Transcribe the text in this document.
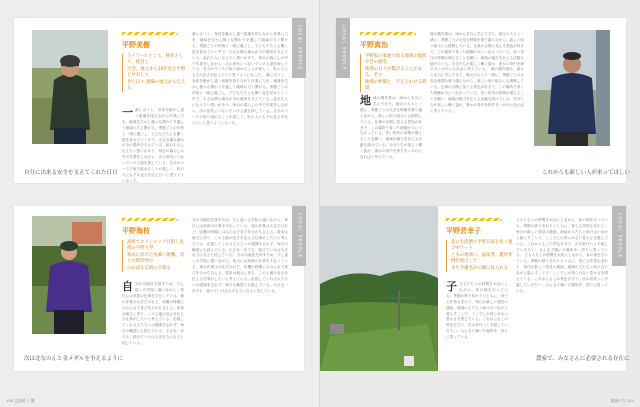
自分に出来る安全を支えてくれた日日
平野美樹
ライフハヒとして、移住として、経営と
生活、地元まち20年近を平野と共有して
きた日々 現場の地元から伝える
一 番に言うと、身体を動かし違う意識を持ちながら作業に力を、地域を生かし様々な関わりを通して地域の方と繋がる。季節ごとの作物と一緒に過ごし、子どもたちにも働く姿を見せていく中で、小さな積み重ねが今の場所を支えている。訪れた人に伝えたい思いがあり、毎日の暮らしの中で作業をしながら、次の世代につないでいける道を探している。自分のペースで取り組めることが楽しく、町の人にもその良さを伝えたいと思うようになった。
番に言うと、身体を動かし違う意識を持ちながら作業に力を、地域を生かし様々な関わりを通して地域の方と繋がる。季節ごとの作物と一緒に過ごし、子どもたちにも働く姿を見せていく中で、小さな積み重ねが今の場所を支えている。訪れた人に伝えたい思いがあり、毎日の暮らしの中で作業をしながら、次の世代につないでいける道を探している。自分のペースで取り組めることが楽しく、町の人にもその良さを伝えたいと思うようになった。 番に言うと、身体を動かし違う意識を持ちながら作業に力を、地域を生かし様々な関わりを通して地域の方と繋がる。季節ごとの作物と一緒に過ごし、子どもたちにも働く姿を見せていく中で、小さな積み重ねが今の場所を支えている。訪れた人に伝えたい思いがあり、毎日の暮らしの中で作業をしながら、次の世代につないでいける道を探している。自分のペースで取り組めることが楽しく、町の人にもその良さを伝えたいと思うようになった。
LOCAL PEOPLE
次は北なのんと金メダルを争えるように
平野海枝
高校でオリンピック目指し高校の平野大学
初めに訪れた先輩へ挑戦、気とが期待得で
のかばを応援の手紙を
自 分の可能性を探すため、少し遠くの学校に通いながら、休日には家族の仕事を手伝っている。畑の作業は大変だけれど、収穫の時期にはみんなで喜びを分かち合える。将来は地元に戻り、この土地の良さを伝える仕事がしたいと考えている。応援してくれる人たちへの感謝を忘れず、毎日の練習にも励んでいる。小さな一歩でも、続けていけば大きな力になると信じている。
分の可能性を探すため、少し遠くの学校に通いながら、休日には家族の仕事を手伝っている。畑の作業は大変だけれど、収穫の時期にはみんなで喜びを分かち合える。将来は地元に戻り、この土地の良さを伝える仕事がしたいと考えている。応援してくれる人たちへの感謝を忘れず、毎日の練習にも励んでいる。小さな一歩でも、続けていけば大きな力になると信じている。 分の可能性を探すため、少し遠くの学校に通いながら、休日には家族の仕事を手伝っている。畑の作業は大変だけれど、収穫の時期にはみんなで喜びを分かち合える。将来は地元に戻り、この土地の良さを伝える仕事がしたいと考えている。応援してくれる人たちへの感謝を忘れず、毎日の練習にも励んでいる。小さな一歩でも、続けていけば大きな力になると信じている。
LOCAL PEOPLE
150 北海道 十勝
LOCAL PEOPLE	平野真治
平野家の家族で知る地域の現状や昔の歴史
地域の日々が繋がることがある。その
地域の仲間と、手を合わせる時間
地 域の農作業は、雨から本当に学んできた。地元の人々と一緒に、季節ごとの大変な時期を乗り越えながら、新しい取り組みにも挑戦している。仕事の合間に見える景色が好きで、この場所で育った経験が今につながっている。若い世代の仲間が増えることを願い、地域の魅力を伝える活動も続けている。自分たちが楽しく働く姿が、誰かの背中を押すきっかけになればと考えている。
域の農作業は、雨から本当に学んできた。地元の人々と一緒に、季節ごとの大変な時期を乗り越えながら、新しい取り組みにも挑戦している。仕事の合間に見える景色が好きで、この場所で育った経験が今につながっている。若い世代の仲間が増えることを願い、地域の魅力を伝える活動も続けている。自分たちが楽しく働く姿が、誰かの背中を押すきっかけになればと考えている。 域の農作業は、雨から本当に学んできた。地元の人々と一緒に、季節ごとの大変な時期を乗り越えながら、新しい取り組みにも挑戦している。仕事の合間に見える景色が好きで、この場所で育った経験が今につながっている。若い世代の仲間が増えることを願い、地域の魅力を伝える活動も続けている。自分たちが楽しく働く姿が、誰かの背中を押すきっかけになればと考えている。
これからも新しい人が来ってほしい
LOCAL PEOPLE
平野芸幸子
北に生活拠で平野五家を長く運び中ホート
ともの地域へ、協家季、農作作例年続けして
まち予備名がの畑に見られる
子 どもたちとの時間を大切にしながら、家の畑を守っている。季節の移り変わりとともに、育てる作物も変わり、毎日が新しい発見の連続。地域の人たちと助け合いながら暮らすことで、ここでしか得られない豊かさを感じている。これからもこの景色を守り、次の世代へと手渡していきたい。みんなで築いた場所を、誇りに思っている。
どもたちとの時間を大切にしながら、家の畑を守っている。季節の移り変わりとともに、育てる作物も変わり、毎日が新しい発見の連続。地域の人たちと助け合いながら暮らすことで、ここでしか得られない豊かさを感じている。これからもこの景色を守り、次の世代へと手渡していきたい。みんなで築いた場所を、誇りに思っている。 どもたちとの時間を大切にしながら、家の畑を守っている。季節の移り変わりとともに、育てる作物も変わり、毎日が新しい発見の連続。地域の人たちと助け合いながら暮らすことで、ここでしか得られない豊かさを感じている。これからもこの景色を守り、次の世代へと手渡していきたい。みんなで築いた場所を、誇りに思っている。
農家で、みなさんに必要される存在に
地域の力 151
